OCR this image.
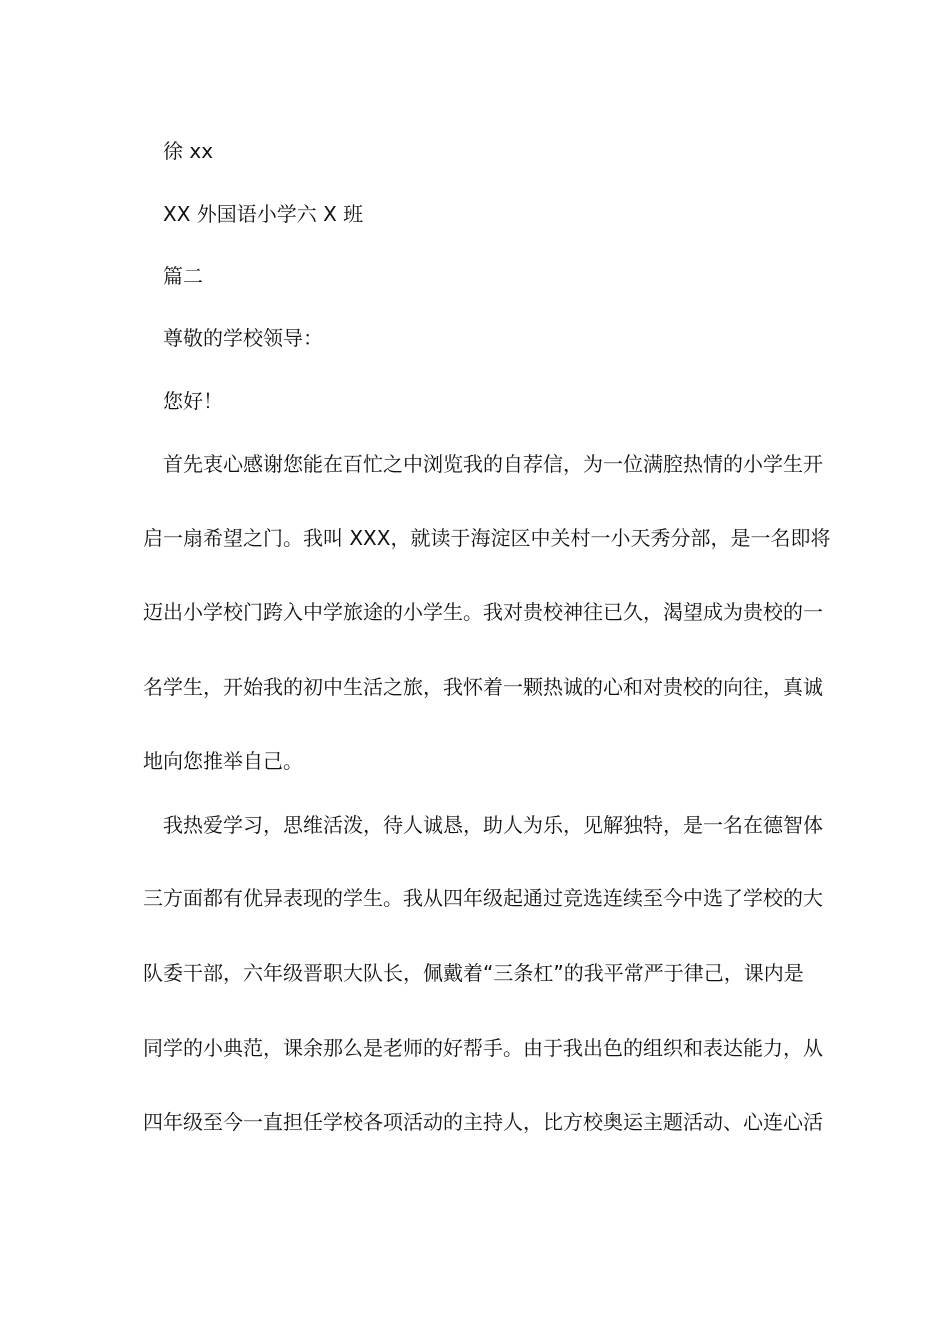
徐 xx

XX 外国语小学六 X 班

篇二

尊敬的学校领导：

您好！

首先衷心感谢您能在百忙之中浏览我的自荐信，为一位满腔热情的小学生开

启一扇希望之门。我叫 XXX，就读于海淀区中关村一小天秀分部，是一名即将

迈出小学校门跨入中学旅途的小学生。我对贵校神往已久，渴望成为贵校的一

名学生，开始我的初中生活之旅，我怀着一颗热诚的心和对贵校的向往，真诚

地向您推举自己。

我热爱学习，思维活泼，待人诚恳，助人为乐，见解独特，是一名在德智体

三方面都有优异表现的学生。我从四年级起通过竞选连续至今中选了学校的大

队委干部，六年级晋职大队长，佩戴着“三条杠”的我平常严于律己，课内是

同学的小典范，课余那么是老师的好帮手。由于我出色的组织和表达能力，从

四年级至今一直担任学校各项活动的主持人，比方校奥运主题活动、心连心活
